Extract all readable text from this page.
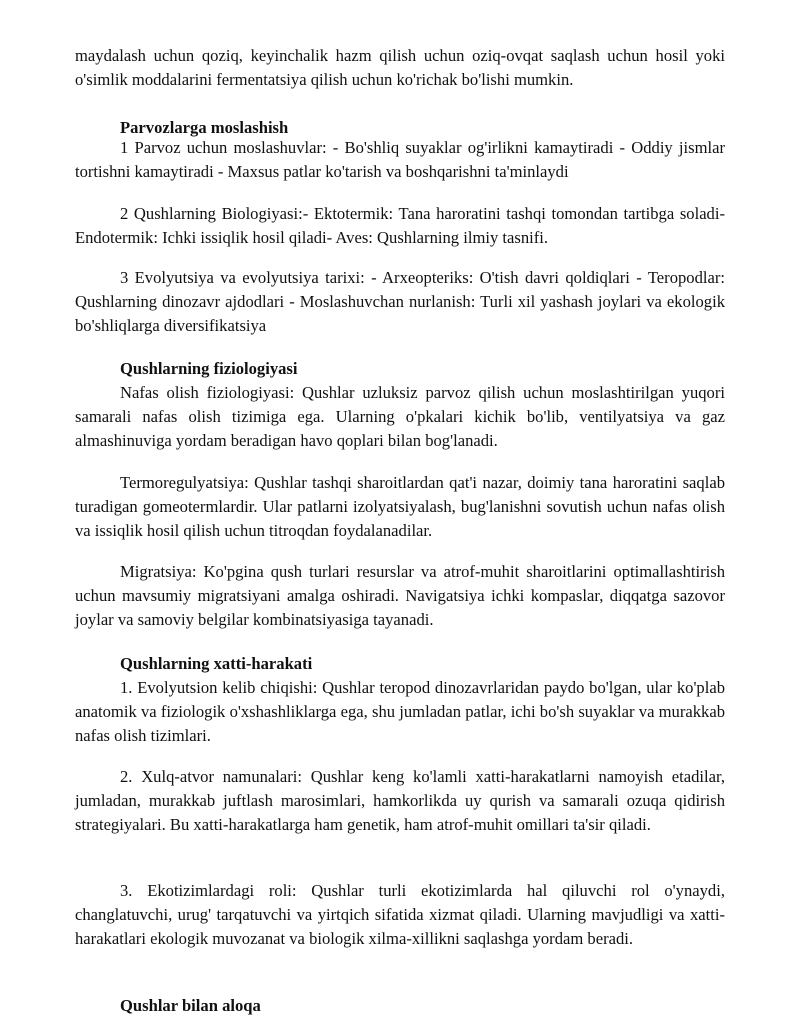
maydalash uchun qoziq, keyinchalik hazm qilish uchun oziq-ovqat saqlash uchun hosil yoki o'simlik moddalarini fermentatsiya qilish uchun ko'richak bo'lishi mumkin.

Parvozlarga moslashish

1 Parvoz uchun moslashuvlar: - Bo'shliq suyaklar og'irlikni kamaytiradi - Oddiy jismlar tortishni kamaytiradi - Maxsus patlar ko'tarish va boshqarishni ta'minlaydi

2 Qushlarning Biologiyasi:- Ektotermik: Tana haroratini tashqi tomondan tartibga soladi- Endotermik: Ichki issiqlik hosil qiladi- Aves: Qushlarning ilmiy tasnifi.

3 Evolyutsiya va evolyutsiya tarixi: - Arxeopteriks: O'tish davri qoldiqlari - Teropodlar: Qushlarning dinozavr ajdodlari - Moslashuvchan nurlanish: Turli xil yashash joylari va ekologik bo'shliqlarga diversifikatsiya

Qushlarning fiziologiyasi

Nafas olish fiziologiyasi: Qushlar uzluksiz parvoz qilish uchun moslashtirilgan yuqori samarali nafas olish tizimiga ega. Ularning o'pkalari kichik bo'lib, ventilyatsiya va gaz almashinuviga yordam beradigan havo qoplari bilan bog'lanadi.

Termoregulyatsiya: Qushlar tashqi sharoitlardan qat'i nazar, doimiy tana haroratini saqlab turadigan gomeotermlardir. Ular patlarni izolyatsiyalash, bug'lanishni sovutish uchun nafas olish va issiqlik hosil qilish uchun titroqdan foydalanadilar.

Migratsiya: Ko'pgina qush turlari resurslar va atrof-muhit sharoitlarini optimallashtirish uchun mavsumiy migratsiyani amalga oshiradi. Navigatsiya ichki kompaslar, diqqatga sazovor joylar va samoviy belgilar kombinatsiyasiga tayanadi.

Qushlarning xatti-harakati

1. Evolyutsion kelib chiqishi: Qushlar teropod dinozavrlaridan paydo bo'lgan, ular ko'plab anatomik va fiziologik o'xshashliklarga ega, shu jumladan patlar, ichi bo'sh suyaklar va murakkab nafas olish tizimlari.

2. Xulq-atvor namunalari: Qushlar keng ko'lamli xatti-harakatlarni namoyish etadilar, jumladan, murakkab juftlash marosimlari, hamkorlikda uy qurish va samarali ozuqa qidirish strategiyalari. Bu xatti-harakatlarga ham genetik, ham atrof-muhit omillari ta'sir qiladi.

3. Ekotizimlardagi roli: Qushlar turli ekotizimlarda hal qiluvchi rol o'ynaydi, changlatuvchi, urug' tarqatuvchi va yirtqich sifatida xizmat qiladi. Ularning mavjudligi va xatti-harakatlari ekologik muvozanat va biologik xilma-xillikni saqlashga yordam beradi.

Qushlar bilan aloqa
